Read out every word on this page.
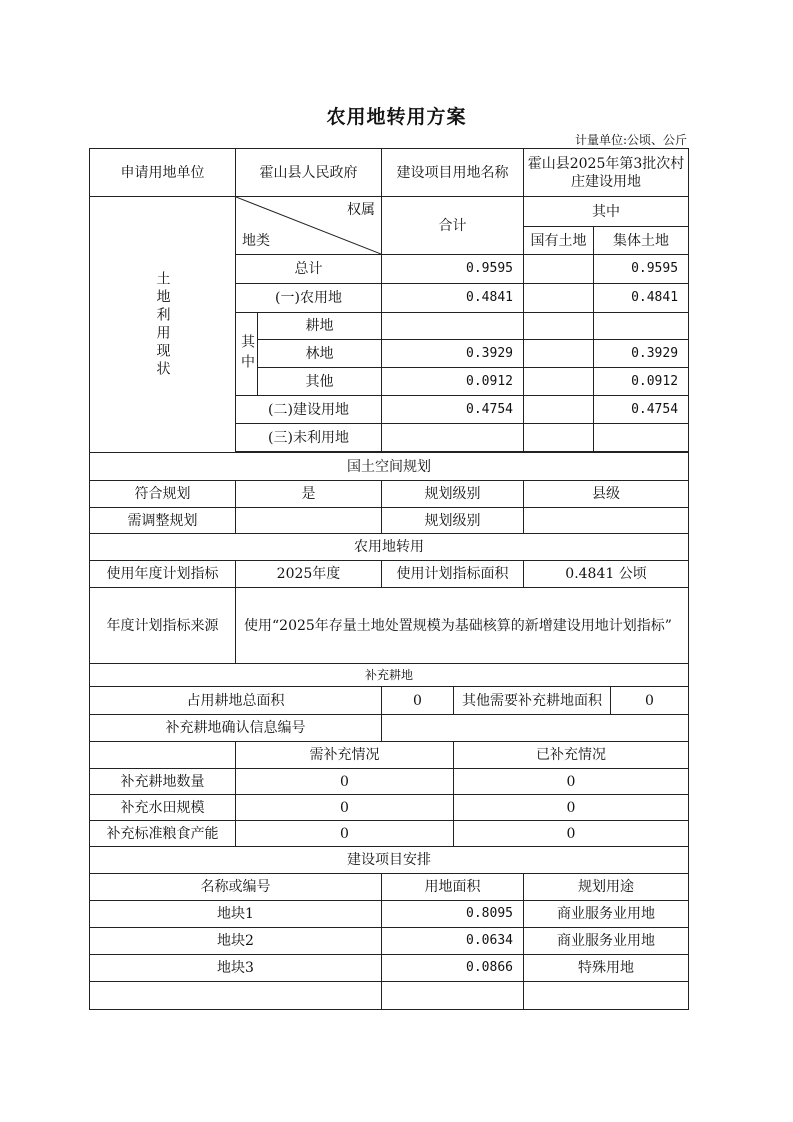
农用地转用方案
计量单位:公顷、公斤
申请用地单位	霍山县人民政府		建设项目用地名称		霍山县2025年第3批次村庄建设用地		

土地利用现状	权属
地类		合计		其中		
					国有土地	集体土地	
	总计		0.9595			0.9595	
	(一)农用地		0.4841			0.4841	

	其中	耕地					
		林地	0.3929			0.3929	
		其他	0.0912			0.0912	
	(二)建设用地		0.4754			0.4754	
	(三)未利用地						

国土空间规划							
符合规划	是		规划级别		县级		
需调整规划			规划级别				
农用地转用							
使用年度计划指标	2025年度		使用计划指标面积		0.4841 公顷		
年度计划指标来源	使用“2025年存量土地处置规模为基础核算的新增建设用地计划指标”						
补充耕地							
占用耕地总面积			0	其他需要补充耕地面积			0
补充耕地确认信息编号							
	需补充情况			已补充情况			
补充耕地数量	0			0			
补充水田规模	0			0			
补充标准粮食产能	0			0			
建设项目安排							
名称或编号			用地面积		规划用途		
地块1			0.8095		商业服务业用地		
地块2			0.0634		商业服务业用地		
地块3			0.0866		特殊用地		
